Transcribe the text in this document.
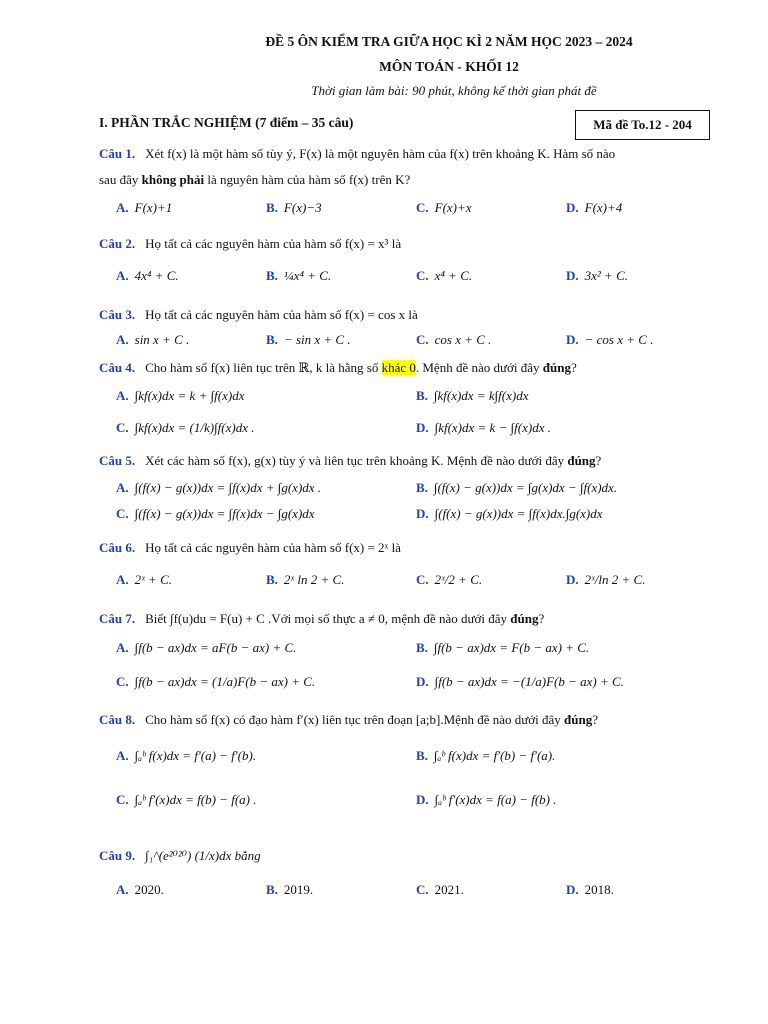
ĐỀ 5 ÔN KIỂM TRA GIỮA HỌC KÌ 2 NĂM HỌC 2023 – 2024
MÔN TOÁN - KHỐI 12
Thời gian làm bài: 90 phút, không kể thời gian phát đề
I. PHẦN TRẮC NGHIỆM (7 điểm – 35 câu)	Mã đề To.12 - 204
Câu 1. Xét f(x) là một hàm số tùy ý, F(x) là một nguyên hàm của f(x) trên khoảng K. Hàm số nào
sau đây không phải là nguyên hàm của hàm số f(x) trên K?
A. F(x)+1	B. F(x)−3	C. F(x)+x	D. F(x)+4
Câu 2. Họ tất cả các nguyên hàm của hàm số f(x) = x³ là
A. 4x⁴ + C.	B. ¼x⁴ + C.	C. x⁴ + C.	D. 3x² + C.
Câu 3. Họ tất cả các nguyên hàm của hàm số f(x) = cos x là
A. sin x + C .	B. − sin x + C .	C. cos x + C .	D. − cos x + C .
Câu 4. Cho hàm số f(x) liên tục trên ℝ, k là hằng số khác 0. Mệnh đề nào dưới đây đúng?
A. ∫kf(x)dx = k + ∫f(x)dx	B. ∫kf(x)dx = k∫f(x)dx
C. ∫kf(x)dx = (1/k)∫f(x)dx .	D. ∫kf(x)dx = k − ∫f(x)dx .
Câu 5. Xét các hàm số f(x), g(x) tùy ý và liên tục trên khoảng K. Mệnh đề nào dưới đây đúng?
A. ∫(f(x) − g(x))dx = ∫f(x)dx + ∫g(x)dx .	B. ∫(f(x) − g(x))dx = ∫g(x)dx − ∫f(x)dx.
C. ∫(f(x) − g(x))dx = ∫f(x)dx − ∫g(x)dx	D. ∫(f(x) − g(x))dx = ∫f(x)dx.∫g(x)dx
Câu 6. Họ tất cả các nguyên hàm của hàm số f(x) = 2ˣ là
A. 2ˣ + C.	B. 2ˣ ln 2 + C.	C. 2ˣ/2 + C.	D. 2ˣ/ln 2 + C.
Câu 7. Biết ∫f(u)du = F(u) + C .Với mọi số thực a ≠ 0, mệnh đề nào dưới đây đúng?
A. ∫f(b − ax)dx = aF(b − ax) + C.	B. ∫f(b − ax)dx = F(b − ax) + C.
C. ∫f(b − ax)dx = (1/a)F(b − ax) + C.	D. ∫f(b − ax)dx = −(1/a)F(b − ax) + C.
Câu 8. Cho hàm số f(x) có đạo hàm f′(x) liên tục trên đoạn [a;b].Mệnh đề nào dưới đây đúng?
A. ∫ₐᵇ f(x)dx = f′(a) − f′(b).	B. ∫ₐᵇ f(x)dx = f′(b) − f′(a).
C. ∫ₐᵇ f′(x)dx = f(b) − f(a) .	D. ∫ₐᵇ f′(x)dx = f(a) − f(b) .
Câu 9. ∫₁^(e²⁰²⁰) (1/x)dx bằng
A. 2020.	B. 2019.	C. 2021.	D. 2018.
